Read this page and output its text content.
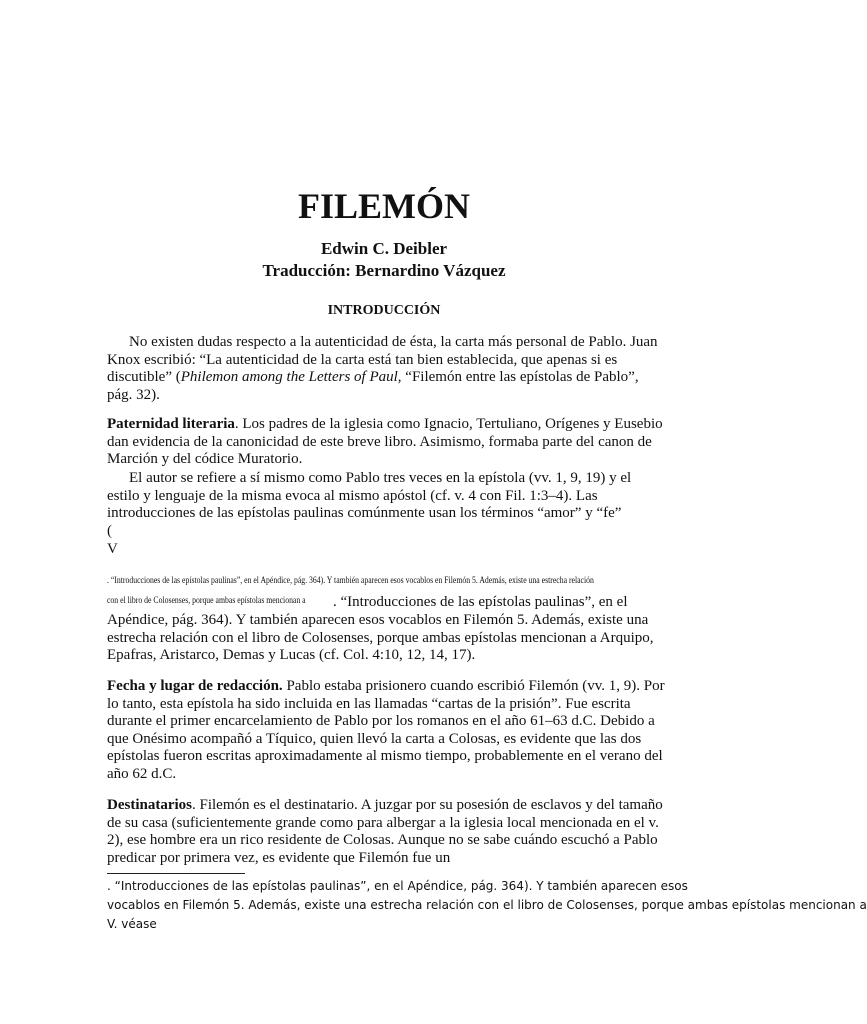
FILEMÓN
Edwin C. Deibler
Traducción: Bernardino Vázquez
INTRODUCCIÓN
No existen dudas respecto a la autenticidad de ésta, la carta más personal de Pablo. Juan Knox escribió: “La autenticidad de la carta está tan bien establecida, que apenas si es discutible” (Philemon among the Letters of Paul, “Filemón entre las epístolas de Pablo”, pág. 32).
Paternidad literaria. Los padres de la iglesia como Ignacio, Tertuliano, Orígenes y Eusebio dan evidencia de la canonicidad de este breve libro. Asimismo, formaba parte del canon de Marción y del códice Muratorio.
El autor se refiere a sí mismo como Pablo tres veces en la epístola (vv. 1, 9, 19) y el estilo y lenguaje de la misma evoca al mismo apóstol (cf. v. 4 con Fil. 1:3–4). Las introducciones de las epístolas paulinas comúnmente usan los términos “amor” y “fe”
(
V
. “Introducciones de las epístolas paulinas”, en el Apéndice, pág. 364). Y también aparecen esos vocablos en Filemón 5. Además, existe una estrecha relación
con el libro de Colosenses, porque ambas epístolas mencionan a . “Introducciones de las epístolas paulinas”, en el
Apéndice, pág. 364). Y también aparecen esos vocablos en Filemón 5. Además, existe una estrecha relación con el libro de Colosenses, porque ambas epístolas mencionan a Arquipo, Epafras, Aristarco, Demas y Lucas (cf. Col. 4:10, 12, 14, 17).
Fecha y lugar de redacción. Pablo estaba prisionero cuando escribió Filemón (vv. 1, 9). Por lo tanto, esta epístola ha sido incluida en las llamadas “cartas de la prisión”. Fue escrita durante el primer encarcelamiento de Pablo por los romanos en el año 61–63 d.C. Debido a que Onésimo acompañó a Tíquico, quien llevó la carta a Colosas, es evidente que las dos epístolas fueron escritas aproximadamente al mismo tiempo, probablemente en el verano del año 62 d.C.
Destinatarios. Filemón es el destinatario. A juzgar por su posesión de esclavos y del tamaño de su casa (suficientemente grande como para albergar a la iglesia local mencionada en el v. 2), ese hombre era un rico residente de Colosas. Aunque no se sabe cuándo escuchó a Pablo predicar por primera vez, es evidente que Filemón fue un
. “Introducciones de las epístolas paulinas”, en el Apéndice, pág. 364). Y también aparecen esos
vocablos en Filemón 5. Además, existe una estrecha relación con el libro de Colosenses, porque ambas epístolas mencionan a
V. véase
